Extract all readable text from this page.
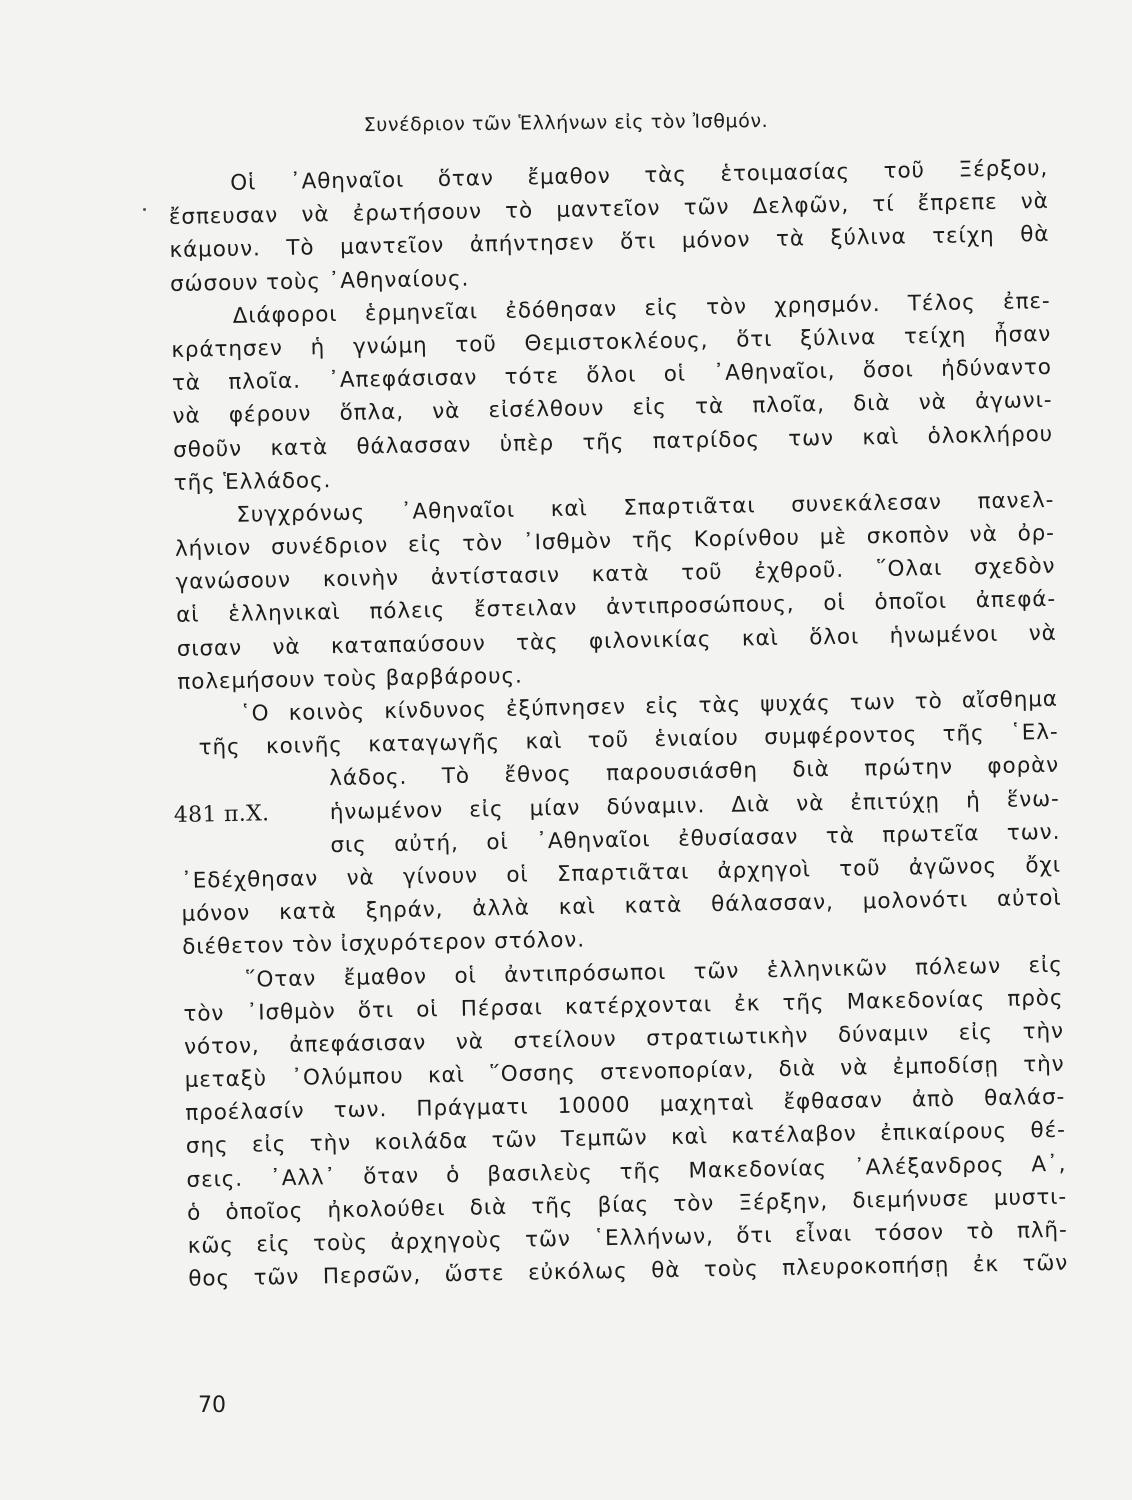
Συνέδριον τῶν Ἑλλήνων εἰς τὸν Ἰσθμόν.
Οἱ ᾿Αθηναῖοι ὅταν ἔμαθον τὰς ἑτοιμασίας τοῦ Ξέρξου,
ἔσπευσαν νὰ ἐρωτήσουν τὸ μαντεῖον τῶν Δελφῶν, τί ἔπρεπε νὰ
κάμουν. Τὸ μαντεῖον ἀπήντησεν ὅτι μόνον τὰ ξύλινα τείχη θὰ
σώσουν τοὺς ᾿Αθηναίους.
Διάφοροι ἑρμηνεῖαι ἐδόθησαν εἰς τὸν χρησμόν. Τέλος ἐπε-
κράτησεν ἡ γνώμη τοῦ Θεμιστοκλέους, ὅτι ξύλινα τείχη ἦσαν
τὰ πλοῖα. ᾿Απεφάσισαν τότε ὅλοι οἱ ᾿Αθηναῖοι, ὅσοι ἠδύναντο
νὰ φέρουν ὅπλα, νὰ εἰσέλθουν εἰς τὰ πλοῖα, διὰ νὰ ἀγωνι-
σθοῦν κατὰ θάλασσαν ὑπὲρ τῆς πατρίδος των καὶ ὁλοκλήρου
τῆς Ἑλλάδος.
Συγχρόνως ᾿Αθηναῖοι καὶ Σπαρτιᾶται συνεκάλεσαν πανελ-
λήνιον συνέδριον εἰς τὸν ᾿Ισθμὸν τῆς Κορίνθου μὲ σκοπὸν νὰ ὀρ-
γανώσουν κοινὴν ἀντίστασιν κατὰ τοῦ ἐχθροῦ. ῞Ολαι σχεδὸν
αἱ ἑλληνικαὶ πόλεις ἔστειλαν ἀντιπροσώπους, οἱ ὁποῖοι ἀπεφά-
σισαν νὰ καταπαύσουν τὰς φιλονικίας καὶ ὅλοι ἡνωμένοι νὰ
πολεμήσουν τοὺς βαρβάρους.
῾Ο κοινὸς κίνδυνος ἐξύπνησεν εἰς τὰς ψυχάς των τὸ αἴσθημα
τῆς κοινῆς καταγωγῆς καὶ τοῦ ἑνιαίου συμφέροντος τῆς ῾Ελ-
λάδος. Τὸ ἔθνος παρουσιάσθη διὰ πρώτην φορὰν
481 π.Χ.	ἡνωμένον εἰς μίαν δύναμιν. Διὰ νὰ ἐπιτύχῃ ἡ ἕνω-
σις αὐτή, οἱ ᾿Αθηναῖοι ἐθυσίασαν τὰ πρωτεῖα των.
᾿Εδέχθησαν νὰ γίνουν οἱ Σπαρτιᾶται ἀρχηγοὶ τοῦ ἀγῶνος ὄχι
μόνον κατὰ ξηράν, ἀλλὰ καὶ κατὰ θάλασσαν, μολονότι αὐτοὶ
διέθετον τὸν ἰσχυρότερον στόλον.
῞Οταν ἔμαθον οἱ ἀντιπρόσωποι τῶν ἑλληνικῶν πόλεων εἰς
τὸν ᾿Ισθμὸν ὅτι οἱ Πέρσαι κατέρχονται ἐκ τῆς Μακεδονίας πρὸς
νότον, ἀπεφάσισαν νὰ στείλουν στρατιωτικὴν δύναμιν εἰς τὴν
μεταξὺ ᾿Ολύμπου καὶ ῞Οσσης στενοπορίαν, διὰ νὰ ἐμποδίσῃ τὴν
προέλασίν των. Πράγματι 10000 μαχηταὶ ἔφθασαν ἀπὸ θαλάσ-
σης εἰς τὴν κοιλάδα τῶν Τεμπῶν καὶ κατέλαβον ἐπικαίρους θέ-
σεις. ᾿Αλλ᾿ ὅταν ὁ βασιλεὺς τῆς Μακεδονίας ᾿Αλέξανδρος Α᾿,
ὁ ὁποῖος ἠκολούθει διὰ τῆς βίας τὸν Ξέρξην, διεμήνυσε μυστι-
κῶς εἰς τοὺς ἀρχηγοὺς τῶν ῾Ελλήνων, ὅτι εἶναι τόσον τὸ πλῆ-
θος τῶν Περσῶν, ὥστε εὐκόλως θὰ τοὺς πλευροκοπήσῃ ἐκ τῶν
70
